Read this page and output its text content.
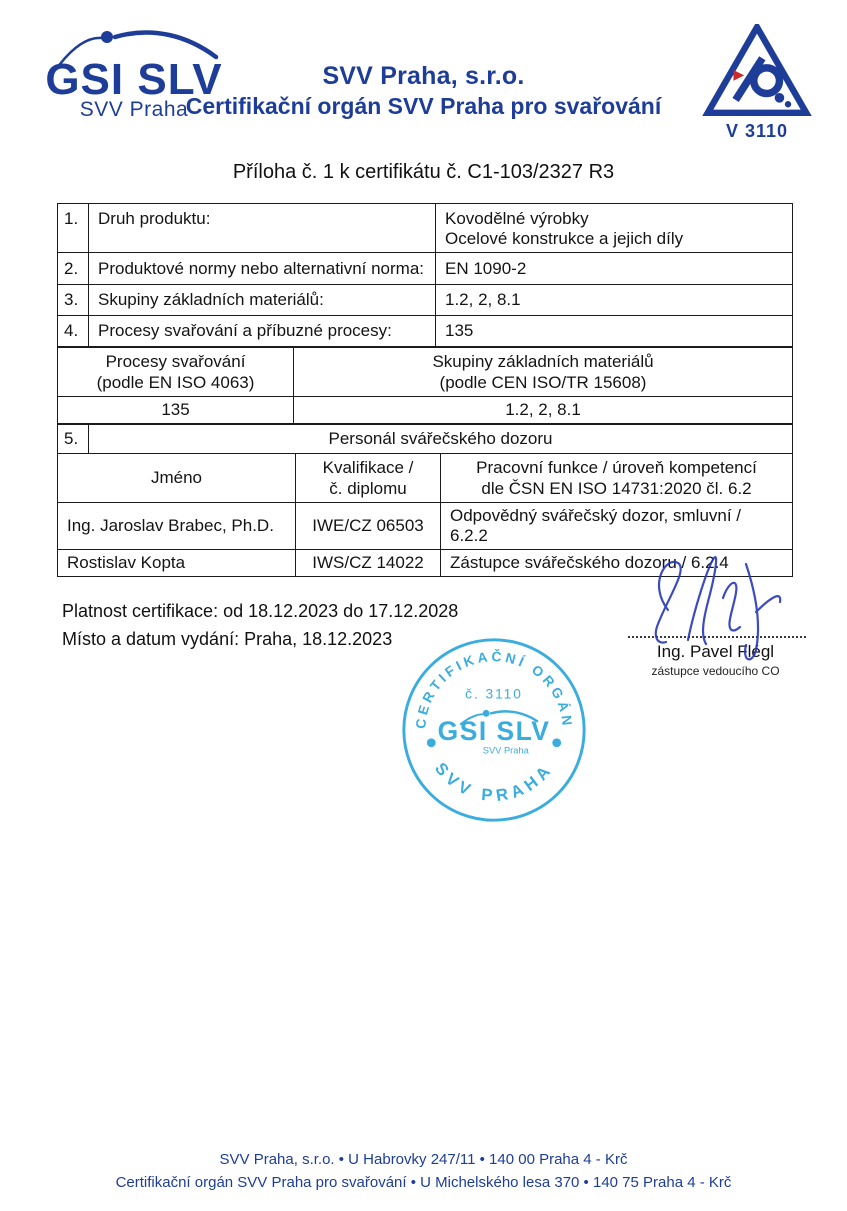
GSI SLV
SVV Praha
SVV Praha, s.r.o.
Certifikační orgán SVV Praha pro svařování
V 3110
Příloha č. 1 k certifikátu č. C1-103/2327 R3
1.	Druh produktu:	Kovodělné výrobky
Ocelové konstrukce a jejich díly

2.	Produktové normy nebo alternativní norma:	EN 1090-2
3.	Skupiny základních materiálů:	1.2, 2, 8.1
4.	Procesy svařování a příbuzné procesy:	135
Procesy svařování
(podle EN ISO 4063)

Skupiny základních materiálů
(podle CEN ISO/TR 15608)

135	1.2, 2, 8.1
5.	Personál svářečského dozoru		
Jméno	
Kvalifikace /
č. diplomu

Pracovní funkce / úroveň kompetencí
dle ČSN EN ISO 14731:2020 čl. 6.2

Ing. Jaroslav Brabec, Ph.D.		IWE/CZ 06503	Odpovědný svářečský dozor, smluvní / 6.2.2
Rostislav Kopta		IWS/CZ 14022	Zástupce svářečského dozoru / 6.2.4
Platnost certifikace: od 18.12.2023 do 17.12.2028
Místo a datum vydání: Praha, 18.12.2023
Ing. Pavel Flégl
zástupce vedoucího CO
CERTIFIKAČNÍ ORGÁN
č. 3110
GSI SLV
SVV Praha
SVV PRAHA
SVV Praha, s.r.o. • U Habrovky 247/11 • 140 00 Praha 4 - Krč
Certifikační orgán SVV Praha pro svařování • U Michelského lesa 370 • 140 75 Praha 4 - Krč
